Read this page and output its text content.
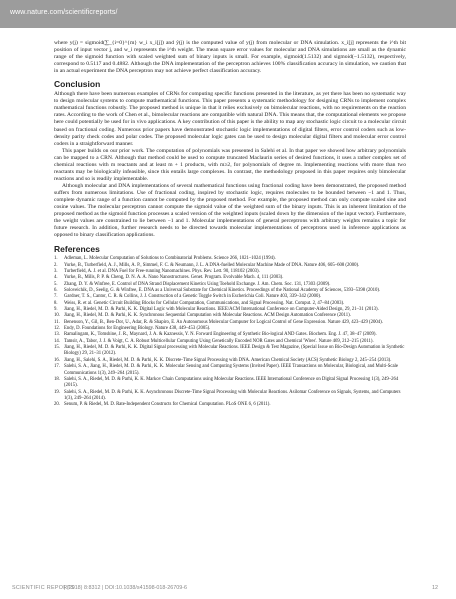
www.nature.com/scientificreports/

where y(j) = sigmoid(∑_{i=0}^{m} w_i x_i[j]) and ŷ(j) is the computed value of y(j) from molecular or DNA simulation. x_i[j] represents the i^th bit position of input vector j, and w_i represents the i^th weight. The mean square error values for molecular and DNA simulations are small as the dynamic range of the sigmoid function with scaled weighted sum of binary inputs is small. For example, sigmoid(1.5132) and sigmoid(−1.5132), respectively, correspond to 0.5117 and 0.4882. Although the DNA implementation of the perceptron achieves 100% classification accuracy in simulation, we caution that in an actual experiment the DNA perceptron may not achieve perfect classification accuracy.

Conclusion

Although there have been numerous examples of CRNs for computing specific functions presented in the literature, as yet there has been no systematic way to design molecular systems to compute mathematical functions. This paper presents a systematic methodology for designing CRNs to implement complex mathematical functions robustly. The proposed method is unique in that it relies exclusively on bimolecular reactions, with no requirements on the reaction rates. According to the work of Chen et al., bimolecular reactions are compatible with natural DNA. This means that, the computational elements we propose here could potentially be used for in vivo applications. A key contribution of this paper is the ability to map any stochastic logic circuit to a molecular circuit based on fractional coding. Numerous prior papers have demonstrated stochastic logic implementations of digital filters, error control coders such as low-density parity check codes and polar codes. The proposed molecular logic gates can be used to design molecular digital filters and molecular error control coders in a straightforward manner.

This paper builds on our prior work. The computation of polynomials was presented in Salehi et al. In that paper we showed how arbitrary polynomials can be mapped to a CRN. Although that method could be used to compute truncated Maclaurin series of desired functions, it uses a rather complex set of chemical reactions with m reactants and at least m + 1 products, with m≥2, for polynomials of degree m. Implementing reactions with more than two reactants may be biologically infeasible, since this entails large complexes. In contrast, the methodology proposed in this paper requires only bimolecular reactions and so is readily implementable.

Although molecular and DNA implementations of several mathematical functions using fractional coding have been demonstrated, the proposed method suffers from numerous limitations. Use of fractional coding, inspired by stochastic logic, requires molecules to be bounded between −1 and 1. Thus, complete dynamic range of a function cannot be computed by the proposed method. For example, the proposed method can only compute scaled sine and cosine values. The molecular perceptron cannot compute the sigmoid value of the weighted sum of the binary inputs. This is an inherent limitation of the proposed method as the sigmoid function processes a scaled version of the weighted inputs (scaled down by the dimension of the input vector). Furthermore, the weight values are constrained to lie between −1 and 1. Molecular implementations of general perceptrons with arbitrary weights remains a topic for future research. In addition, further research needs to be directed towards molecular implementations of perceptrons used in inference applications as opposed to binary classification applications.

References
1. Adleman, L. Molecular Computation of Solutions to Combinatorial Problems. Science 266, 1021–1024 (1994).
2. Yurke, B., Turberfield, A. J., Mills, A. P., Simmel, F. C. & Neumann, J. L. A DNA-fuelled Molecular Machine Made of DNA. Nature 406, 605–608 (2000).
3. Turberfield, A. J. et al. DNA Fuel for Free-running Nanomachines. Phys. Rev. Lett. 90, 118102 (2003).
4. Yurke, B., Mills, P. P. & Cheng, D. N. A. A. Nano Nanostructures. Genet. Program. Evolvable Mach. 4, 111 (2003).
5. Zhang, D. Y. & Winfree, E. Control of DNA Strand Displacement Kinetics Using Toehold Exchange. J. Am. Chem. Soc. 131, 17303 (2009).
6. Soloveichik, D., Seelig, G. & Winfree, E. DNA as a Universal Substrate for Chemical Kinetics. Proceedings of the National Academy of Sciences, 5393–5398 (2010).
7. Gardner, T. S., Cantor, C. R. & Collins, J. J. Construction of a Genetic Toggle Switch in Escherichia Coli. Nature 403, 339–342 (2000).
8. Weiss, R. et al. Genetic Circuit Building Blocks for Cellular Computation, Communications, and Signal Processing. Nat. Comput. 2, 47–84 (2003).
9. Jiang, H., Riedel, M. D. & Parhi, K. K. Digital Logic with Molecular Reactions. IEEE/ACM International Conference on Computer-Aided Design, 29, 21–31 (2013).
10. Jiang, H., Riedel, M. D. & Parhi, K. K. Synchronous Sequential Computation with Molecular Reactions. ACM Design Automation Conference (2011).
11. Benenson, Y., Gil, B., Ben-Dor, U., Adar, R. & Shapiro, E. An Autonomous Molecular Computer for Logical Control of Gene Expression. Nature 429, 423–429 (2004).
12. Endy, D. Foundations for Engineering Biology. Nature 438, 449–453 (2005).
13. Ramalingam, K., Tomshine, J. R., Maynard, J. A. & Kaznessis, Y. N. Forward Engineering of Synthetic Bio-logical AND Gates. Biochem. Eng. J. 47, 38–47 (2009).
14. Tamsir, A., Tabor, J. J. & Voigt, C. A. Robust Multicellular Computing Using Genetically Encoded NOR Gates and Chemical 'Wires'. Nature 469, 212–215 (2011).
15. Jiang, H., Riedel, M. D. & Parhi, K. K. Digital Signal processing with Molecular Reactions. IEEE Design & Test Magazine, (Special Issue on Bio-Design Automation in Synthetic Biology) 29, 21–31 (2012).
16. Jiang, H., Salehi, S. A., Riedel, M. D. & Parhi, K. K. Discrete-Time Signal Processing with DNA. American Chemical Society (ACS) Synthetic Biology 2, 245–254 (2013).
17. Salehi, S. A., Jiang, H., Riedel, M. D. & Parhi, K. K. Molecular Sensing and Computing Systems (Invited Paper). IEEE Transactions on Molecular, Biological, and Multi-Scale Communications 1(3), 249–264 (2015).
18. Salehi, S. A., Riedel, M. D. & Parhi, K. K. Markov Chain Computations using Molecular Reactions. IEEE International Conference on Digital Signal Processing 1(3), 249–264 (2015).
19. Salehi, S. A., Riedel, M. D. & Parhi, K. K. Asynchronous Discrete-Time Signal Processing with Molecular Reactions. Asilomar Conference on Signals, Systems, and Computers 1(3), 249–264 (2014).
20. Senum, P. & Riedel, M. D. Rate-Independent Constructs for Chemical Computation. PLoS ONE 6, 6 (2011).
SCIENTIFIC REPORTS
| (2018) 8:8312 | DOI:10.1038/s41598-018-26709-6	12
